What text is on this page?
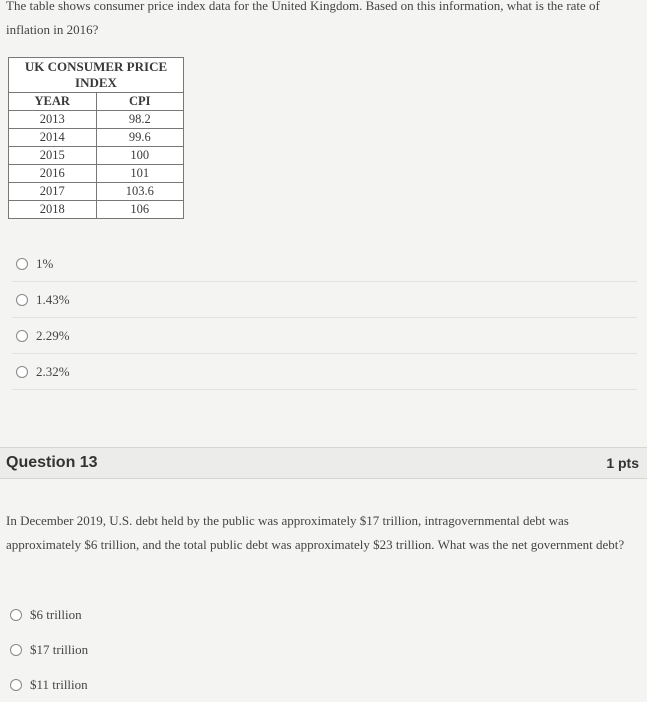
The table shows consumer price index data for the United Kingdom. Based on this information, what is the rate of inflation in 2016?
UK CONSUMER PRICE INDEX	
YEAR	CPI
2013	98.2
2014	99.6
2015	100
2016	101
2017	103.6
2018	106
1%
1.43%
2.29%
2.32%
Question 13	1 pts
In December 2019, U.S. debt held by the public was approximately $17 trillion, intragovernmental debt was approximately $6 trillion, and the total public debt was approximately $23 trillion. What was the net government debt?
$6 trillion
$17 trillion
$11 trillion
